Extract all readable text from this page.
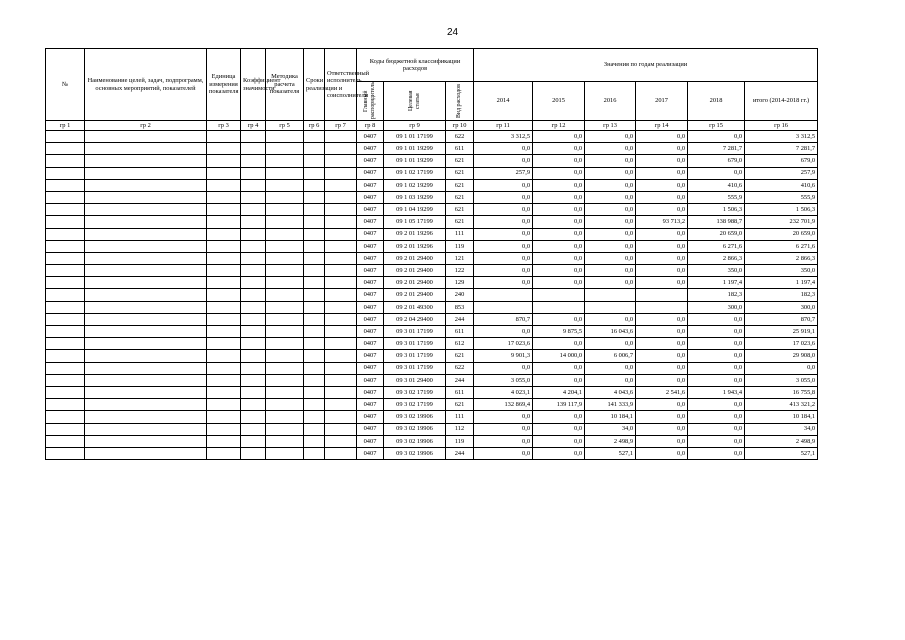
24
№	Наименование целей, задач, подпрограмм, основных мероприятий, показателей	Единица измерения показателя	Коэффициент значимости	Методика расчета показателя	Сроки реализации	Ответственный исполнитель и соисполнители	Коды бюджетной классификации расходов			Значения по годам реализации					

							Главный распорядитель	Целевая статья	Вид расходов	2014	2015	2016	2017	2018	итого (2014-2018 гг.)
гр 1	гр 2	гр 3	гр 4	гр 5	гр 6	гр 7	гр 8	гр 9	гр 10	гр 11	гр 12	гр 13	гр 14	гр 15	гр 16
							0407	09 1 01 17199	622	3 312,5	0,0	0,0	0,0	0,0	3 312,5
							0407	09 1 01 19299	611	0,0	0,0	0,0	0,0	7 281,7	7 281,7
							0407	09 1 01 19299	621	0,0	0,0	0,0	0,0	679,0	679,0
							0407	09 1 02 17199	621	257,9	0,0	0,0	0,0	0,0	257,9
							0407	09 1 02 19299	621	0,0	0,0	0,0	0,0	410,6	410,6
							0407	09 1 03 19299	621	0,0	0,0	0,0	0,0	555,9	555,9
							0407	09 1 04 19299	621	0,0	0,0	0,0	0,0	1 506,3	1 506,3
							0407	09 1 05 17199	621	0,0	0,0	0,0	93 713,2	138 988,7	232 701,9
							0407	09 2 01 19296	111	0,0	0,0	0,0	0,0	20 659,0	20 659,0
							0407	09 2 01 19296	119	0,0	0,0	0,0	0,0	6 271,6	6 271,6
							0407	09 2 01 29400	121	0,0	0,0	0,0	0,0	2 866,3	2 866,3
							0407	09 2 01 29400	122	0,0	0,0	0,0	0,0	350,0	350,0
							0407	09 2 01 29400	129	0,0	0,0	0,0	0,0	1 197,4	1 197,4
							0407	09 2 01 29400	240					182,3	182,3
							0407	09 2 01 49300	853					300,0	300,0
							0407	09 2 04 29400	244	870,7	0,0	0,0	0,0	0,0	870,7
							0407	09 3 01 17199	611	0,0	9 875,5	16 043,6	0,0	0,0	25 919,1
							0407	09 3 01 17199	612	17 023,6	0,0	0,0	0,0	0,0	17 023,6
							0407	09 3 01 17199	621	9 901,3	14 000,0	6 006,7	0,0	0,0	29 908,0
							0407	09 3 01 17199	622	0,0	0,0	0,0	0,0	0,0	0,0
							0407	09 3 01 29400	244	3 055,0	0,0	0,0	0,0	0,0	3 055,0
							0407	09 3 02 17199	611	4 023,1	4 204,1	4 043,6	2 541,6	1 943,4	16 755,8
							0407	09 3 02 17199	621	132 869,4	139 117,9	141 333,9	0,0	0,0	413 321,2
							0407	09 3 02 19906	111	0,0	0,0	10 184,1	0,0	0,0	10 184,1
							0407	09 3 02 19906	112	0,0	0,0	34,0	0,0	0,0	34,0
							0407	09 3 02 19906	119	0,0	0,0	2 498,9	0,0	0,0	2 498,9
							0407	09 3 02 19906	244	0,0	0,0	527,1	0,0	0,0	527,1
